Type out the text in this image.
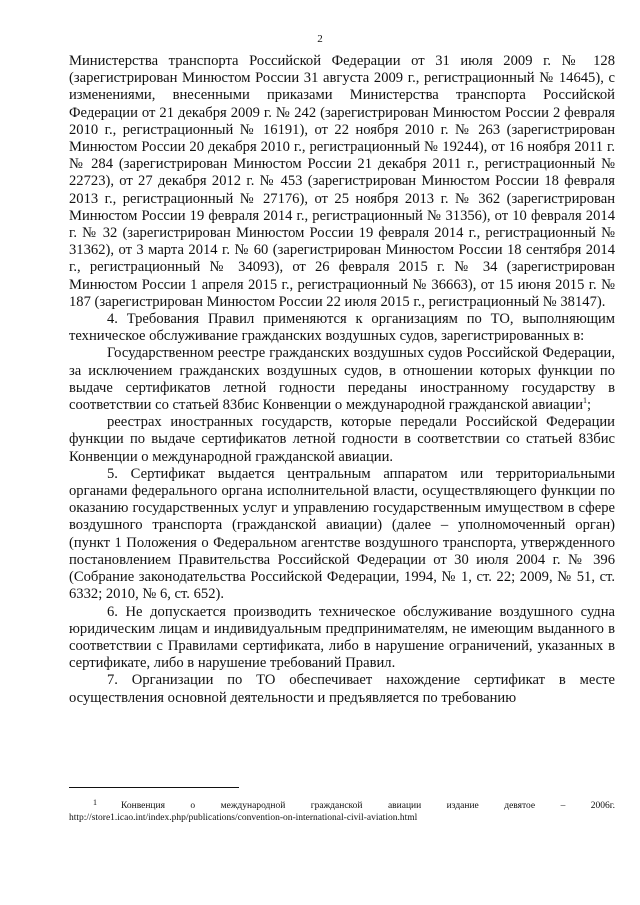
2

Министерства транспорта Российской Федерации от 31 июля 2009 г. № 128 (зарегистрирован Минюстом России 31 августа 2009 г., регистрационный № 14645), с изменениями, внесенными приказами Министерства транспорта Российской Федерации от 21 декабря 2009 г. № 242 (зарегистрирован Минюстом России 2 февраля 2010 г., регистрационный № 16191), от 22 ноября 2010 г. № 263 (зарегистрирован Минюстом России 20 декабря 2010 г., регистрационный № 19244), от 16 ноября 2011 г. № 284 (зарегистрирован Минюстом России 21 декабря 2011 г., регистрационный № 22723), от 27 декабря 2012 г. № 453 (зарегистрирован Минюстом России 18 февраля 2013 г., регистрационный № 27176), от 25 ноября 2013 г. № 362 (зарегистрирован Минюстом России 19 февраля 2014 г., регистрационный № 31356), от 10 февраля 2014 г. № 32 (зарегистрирован Минюстом России 19 февраля 2014 г., регистрационный № 31362), от 3 марта 2014 г. № 60 (зарегистрирован Минюстом России 18 сентября 2014 г., регистрационный № 34093), от 26 февраля 2015 г. № 34 (зарегистрирован Минюстом России 1 апреля 2015 г., регистрационный № 36663), от 15 июня 2015 г. № 187 (зарегистрирован Минюстом России 22 июля 2015 г., регистрационный № 38147).

4. Требования Правил применяются к организациям по ТО, выполняющим техническое обслуживание гражданских воздушных судов, зарегистрированных в:

Государственном реестре гражданских воздушных судов Российской Федерации, за исключением гражданских воздушных судов, в отношении которых функции по выдаче сертификатов летной годности переданы иностранному государству в соответствии со статьей 83бис Конвенции о международной гражданской авиации$^1$;

реестрах иностранных государств, которые передали Российской Федерации функции по выдаче сертификатов летной годности в соответствии со статьей 83бис Конвенции о международной гражданской авиации.

5. Сертификат выдается центральным аппаратом или территориальными органами федерального органа исполнительной власти, осуществляющего функции по оказанию государственных услуг и управлению государственным имуществом в сфере воздушного транспорта (гражданской авиации) (далее – уполномоченный орган) (пункт 1 Положения о Федеральном агентстве воздушного транспорта, утвержденного постановлением Правительства Российской Федерации от 30 июля 2004 г. № 396 (Собрание законодательства Российской Федерации, 1994, № 1, ст. 22; 2009, № 51, ст. 6332; 2010, № 6, ст. 652).

6. Не допускается производить техническое обслуживание воздушного судна юридическим лицам и индивидуальным предпринимателям, не имеющим выданного в соответствии с Правилами сертификата, либо в нарушение ограничений, указанных в сертификате, либо в нарушение требований Правил.

7. Организации по ТО обеспечивает нахождение сертификат в месте осуществления основной деятельности и предъявляется по требованию

1	Конвенция о международной гражданской авиации издание девятое – 2006г.
http://store1.icao.int/index.php/publications/convention-on-international-civil-aviation.html
